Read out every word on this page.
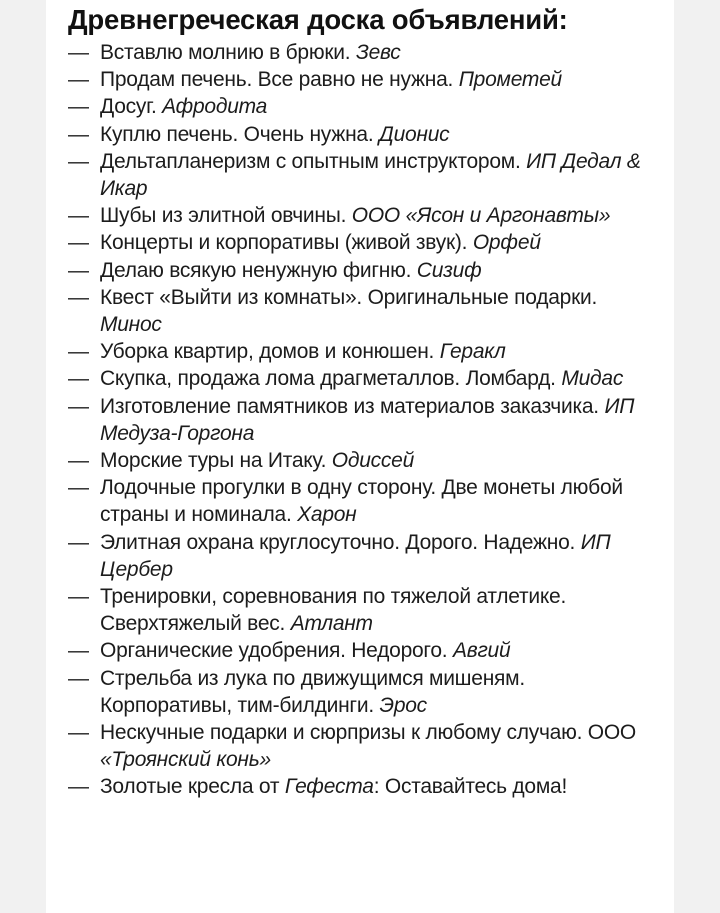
Древнегреческая доска объявлений:
— Вставлю молнию в брюки. Зевс
— Продам печень. Все равно не нужна. Прометей
— Досуг. Афродита
— Куплю печень. Очень нужна. Дионис
— Дельтапланеризм с опытным инструктором. ИП Дедал & Икар
— Шубы из элитной овчины. ООО «Ясон и Аргонавты»
— Концерты и корпоративы (живой звук). Орфей
— Делаю всякую ненужную фигню. Сизиф
— Квест «Выйти из комнаты». Оригинальные подарки. Минос
— Уборка квартир, домов и конюшен. Геракл
— Скупка, продажа лома драгметаллов. Ломбард. Мидас
— Изготовление памятников из материалов заказчика. ИП Медуза-Горгона
— Морские туры на Итаку. Одиссей
— Лодочные прогулки в одну сторону. Две монеты любой страны и номинала. Харон
— Элитная охрана круглосуточно. Дорого. Надежно. ИП Цербер
— Тренировки, соревнования по тяжелой атлетике. Сверхтяжелый вес. Атлант
— Органические удобрения. Недорого. Авгий
— Стрельба из лука по движущимся мишеням. Корпоративы, тим-билдинги. Эрос
— Нескучные подарки и сюрпризы к любому случаю. ООО «Троянский конь»
— Золотые кресла от Гефеста: Оставайтесь дома!
